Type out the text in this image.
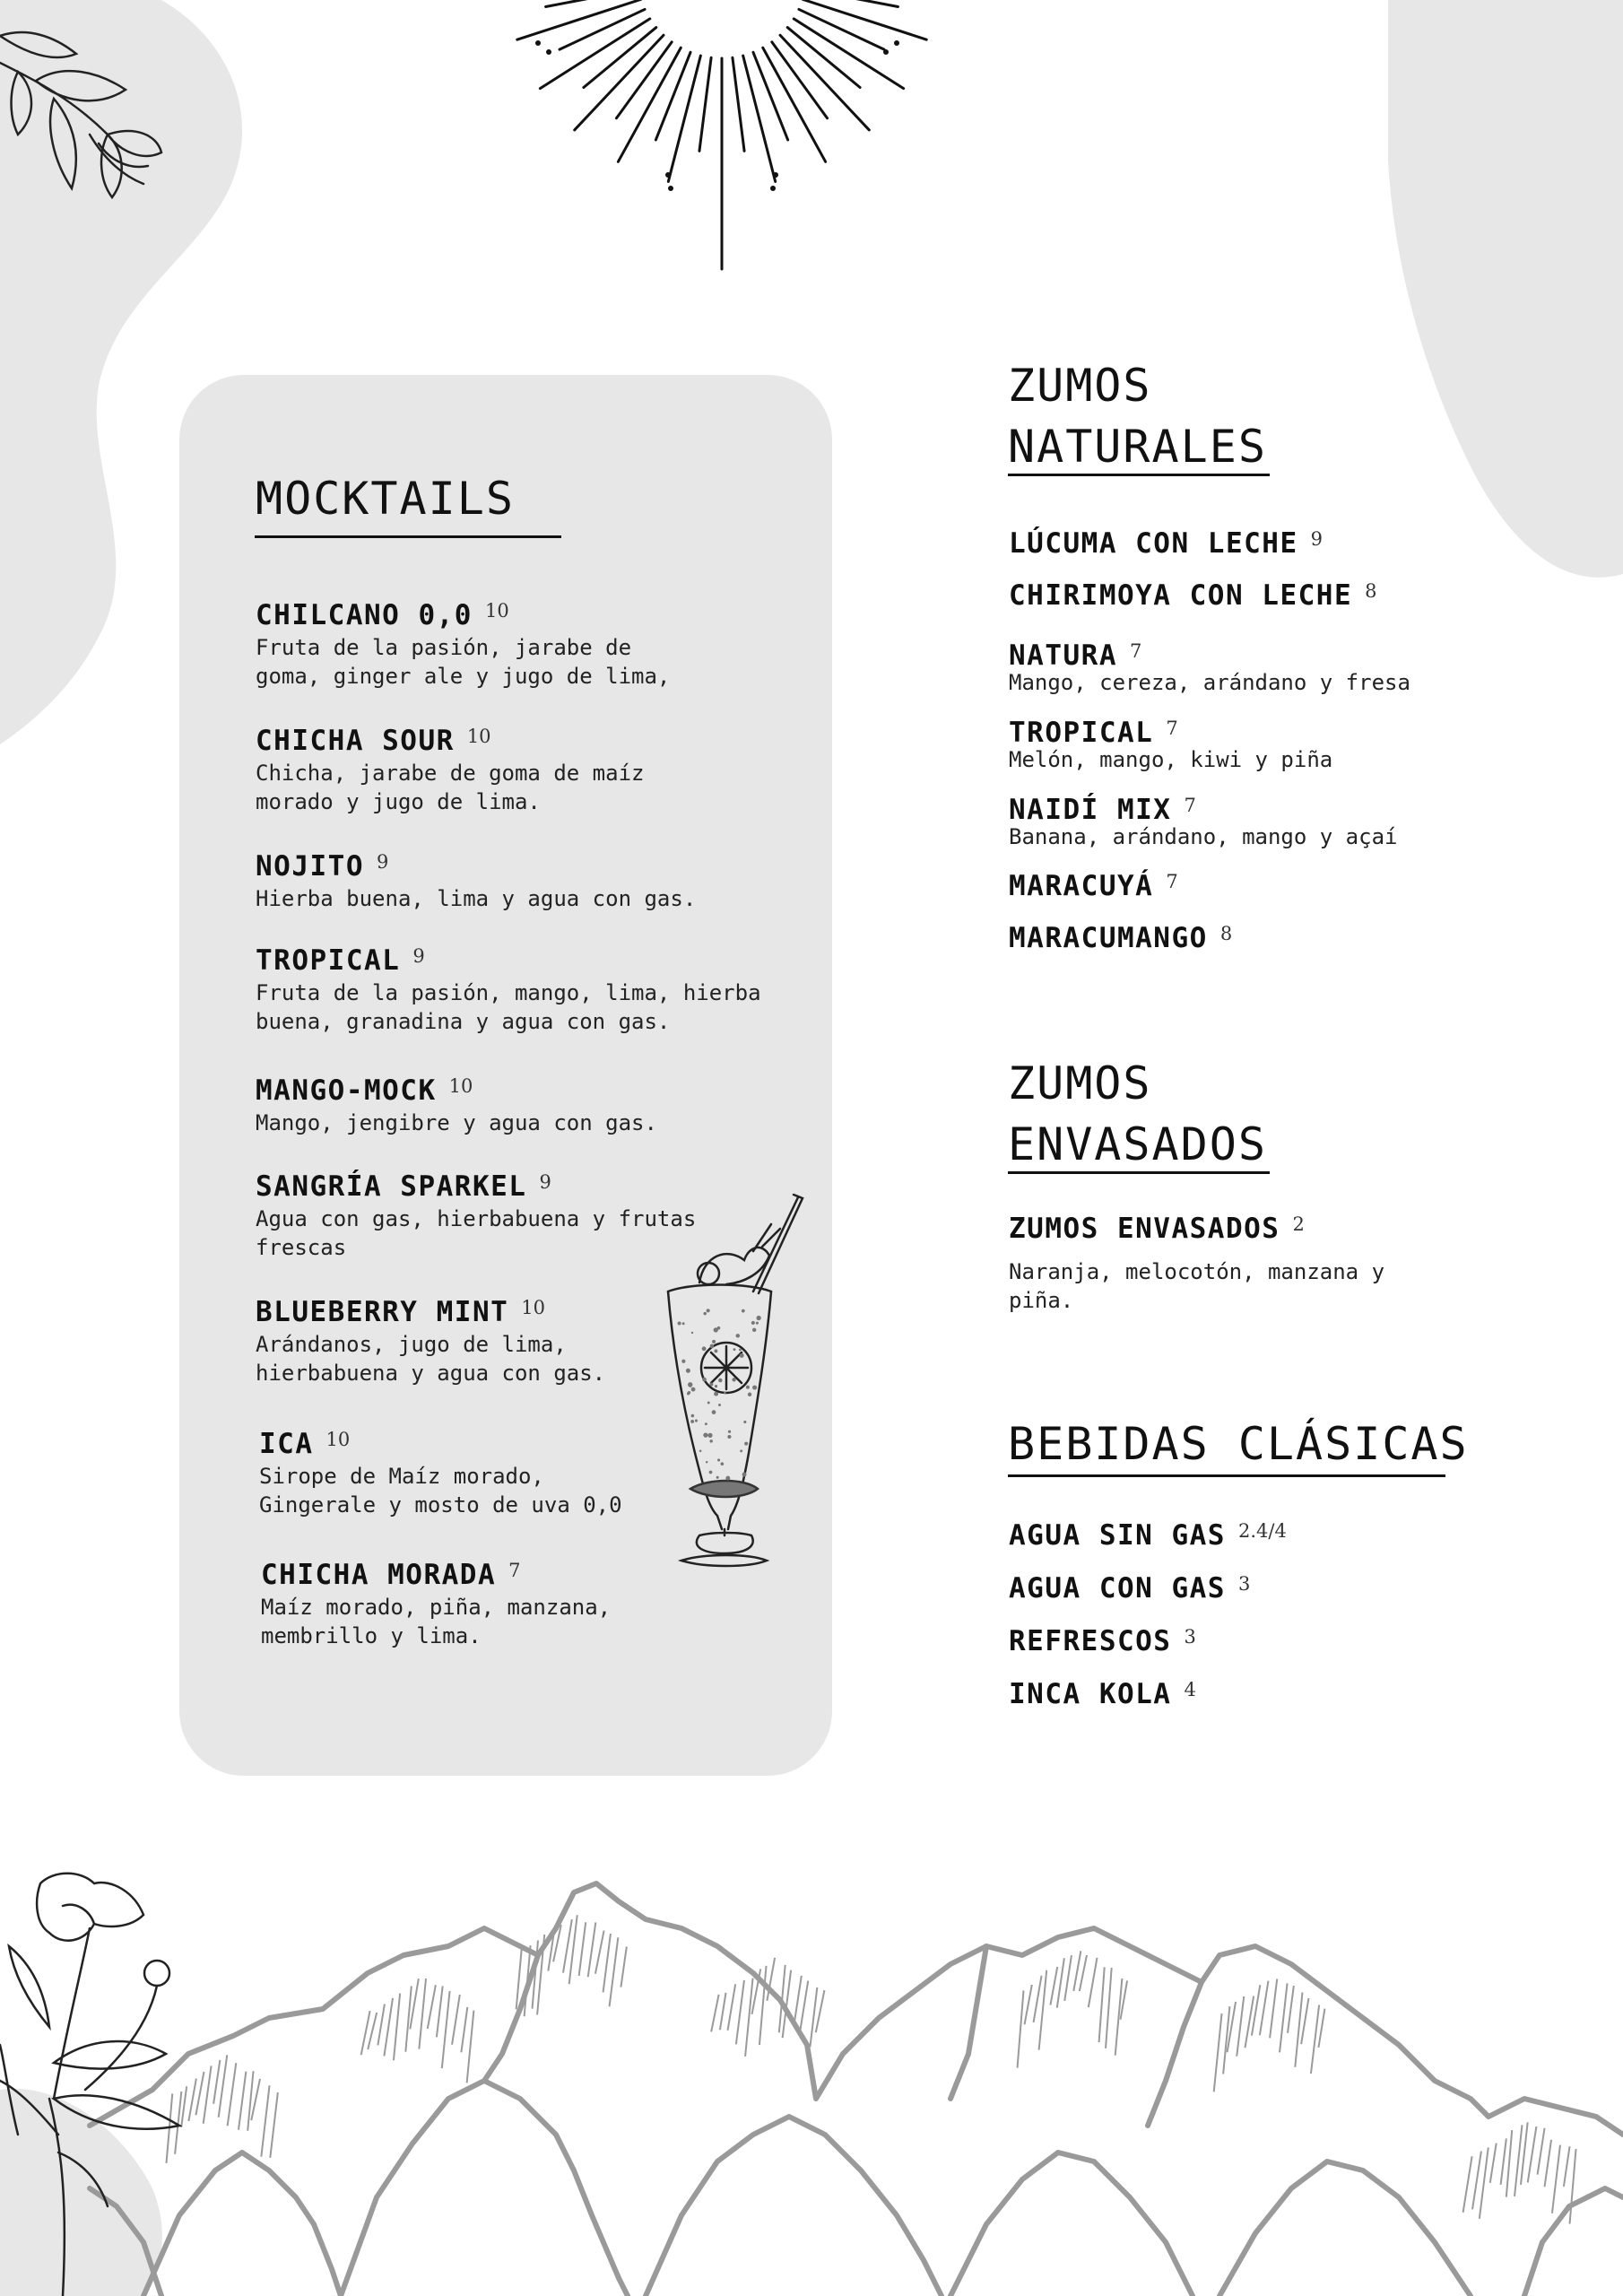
MOCKTAILS
CHILCANO 0,0 10
Fruta de la pasión, jarabe de
goma, ginger ale y jugo de lima,
CHICHA SOUR 10
Chicha, jarabe de goma de maíz
morado y jugo de lima.
NOJITO 9
Hierba buena, lima y agua con gas.
TROPICAL 9
Fruta de la pasión, mango, lima, hierba
buena, granadina y agua con gas.
MANGO-MOCK 10
Mango, jengibre y agua con gas.
SANGRÍA SPARKEL 9
Agua con gas, hierbabuena y frutas
frescas
BLUEBERRY MINT 10
Arándanos, jugo de lima,
hierbabuena y agua con gas.
ICA 10
Sirope de Maíz morado,
Gingerale y mosto de uva 0,0
CHICHA MORADA 7
Maíz morado, piña, manzana,
membrillo y lima.
ZUMOS
NATURALES
LÚCUMA CON LECHE 9
CHIRIMOYA CON LECHE 8
NATURA 7
Mango, cereza, arándano y fresa
TROPICAL 7
Melón, mango, kiwi y piña
NAIDÍ MIX 7
Banana, arándano, mango y açaí
MARACUYÁ 7
MARACUMANGO 8
ZUMOS
ENVASADOS
ZUMOS ENVASADOS 2
Naranja, melocotón, manzana y
piña.
BEBIDAS CLÁSICAS
AGUA SIN GAS 2.4/4
AGUA CON GAS 3
REFRESCOS 3
INCA KOLA 4
